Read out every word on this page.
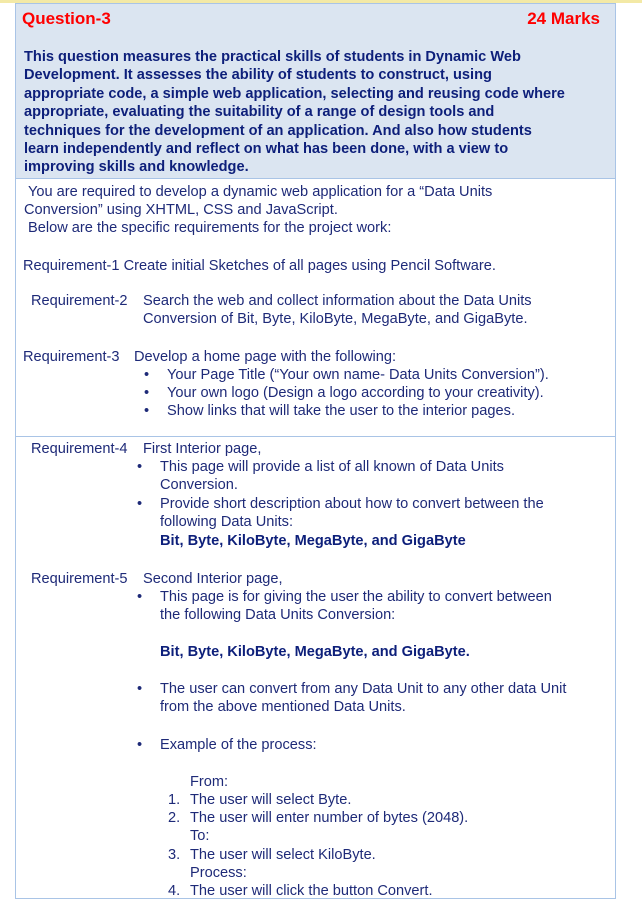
Question-3	24 Marks
This question measures the practical skills of students in Dynamic Web
Development. It assesses the ability of students to construct, using
appropriate code, a simple web application, selecting and reusing code where
appropriate, evaluating the suitability of a range of design tools and
techniques for the development of an application. And also how students
learn independently and reflect on what has been done, with a view to
improving skills and knowledge.
You are required to develop a dynamic web application for a “Data Units
Conversion” using XHTML, CSS and JavaScript.
Below are the specific requirements for the project work:
Requirement-1 Create initial Sketches of all pages using Pencil Software.
Requirement-2 Search the web and collect information about the Data Units
Conversion of Bit, Byte, KiloByte, MegaByte, and GigaByte.
Requirement-3 Develop a home page with the following:
• Your Page Title (“Your own name- Data Units Conversion”).
• Your own logo (Design a logo according to your creativity).
• Show links that will take the user to the interior pages.
Requirement-4 First Interior page,
• This page will provide a list of all known of Data Units
Conversion.
• Provide short description about how to convert between the
following Data Units:
Bit, Byte, KiloByte, MegaByte, and GigaByte
Requirement-5 Second Interior page,
• This page is for giving the user the ability to convert between
the following Data Units Conversion:
Bit, Byte, KiloByte, MegaByte, and GigaByte.
• The user can convert from any Data Unit to any other data Unit
from the above mentioned Data Units.
• Example of the process:
From:
1. The user will select Byte.
2. The user will enter number of bytes (2048).
To:
3. The user will select KiloByte.
Process:
4. The user will click the button Convert.
